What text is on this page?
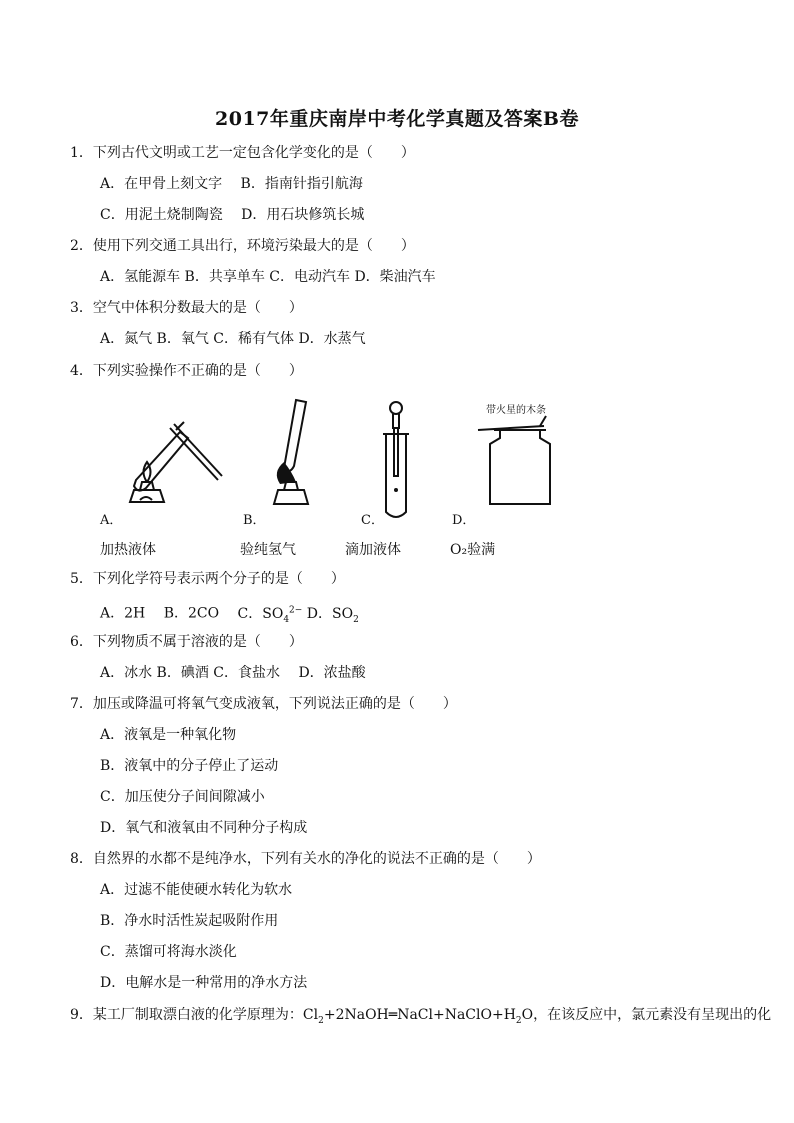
2017年重庆南岸中考化学真题及答案B卷
1．下列古代文明或工艺一定包含化学变化的是（　　）
A．在甲骨上刻文字　 B．指南针指引航海
C．用泥土烧制陶瓷　 D．用石块修筑长城
2．使用下列交通工具出行，环境污染最大的是（　　）
A．氢能源车 B．共享单车 C．电动汽车 D．柴油汽车
3．空气中体积分数最大的是（　　）
A．氮气 B．氧气 C．稀有气体 D．水蒸气
4．下列实验操作不正确的是（　　）
A．
加热液体
B．
验纯氢气
C．
滴加液体
带火星的木条
D．
O₂验满
5．下列化学符号表示两个分子的是（　　）
A．2H　 B．2CO　 C．$SO_4^{2-}$ D．$SO_2$
6．下列物质不属于溶液的是（　　）
A．冰水 B．碘酒 C．食盐水　 D．浓盐酸
7．加压或降温可将氧气变成液氧，下列说法正确的是（　　）
A．液氧是一种氧化物
B．液氧中的分子停止了运动
C．加压使分子间间隙减小
D．氧气和液氧由不同种分子构成
8．自然界的水都不是纯净水，下列有关水的净化的说法不正确的是（　　）
A．过滤不能使硬水转化为软水
B．净水时活性炭起吸附作用
C．蒸馏可将海水淡化
D．电解水是一种常用的净水方法
9．某工厂制取漂白液的化学原理为：$Cl_2+2NaOH═NaCl+NaClO+H_2O$，在该反应中，氯元素没有呈现出的化
